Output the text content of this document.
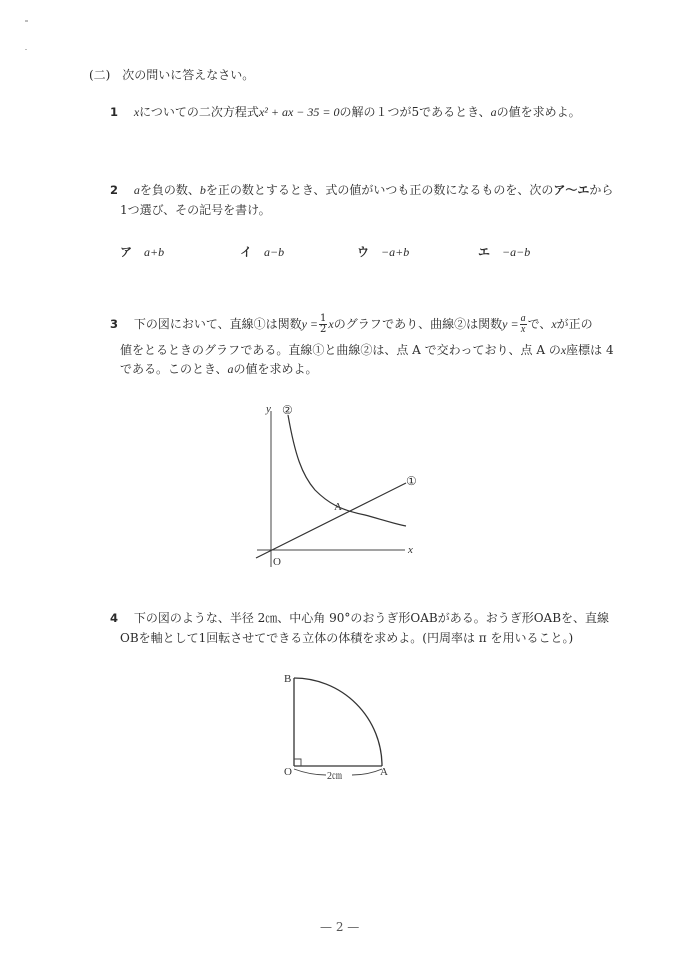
(二) 次の問いに答えなさい。
1 xについての二次方程式x² + ax − 35 = 0の解の１つが5であるとき、aの値を求めよ。
2 aを負の数、bを正の数とするとき、式の値がいつも正の数になるものを、次のア～エから
1つ選び、その記号を書け。
ア a+b	イ a−b	ウ −a+b	エ −a−b
3 下の図において、直線①は関数$y = \frac{1}{2}$ xのグラフであり、曲線②は関数$y = \frac{a}{x}$ で、xが正の
値をとるときのグラフである。直線①と曲線②は、点 A で交わっており、点 A のx座標は 4
である。このとき、aの値を求めよ。
y ②
①
A
x
O
4 下の図のような、半径 2㎝、中心角 90°のおうぎ形OABがある。おうぎ形OABを、直線
OBを軸として1回転させてできる立体の体積を求めよ。(円周率は π を用いること。)
B
O	A
2㎝
— 2 —
